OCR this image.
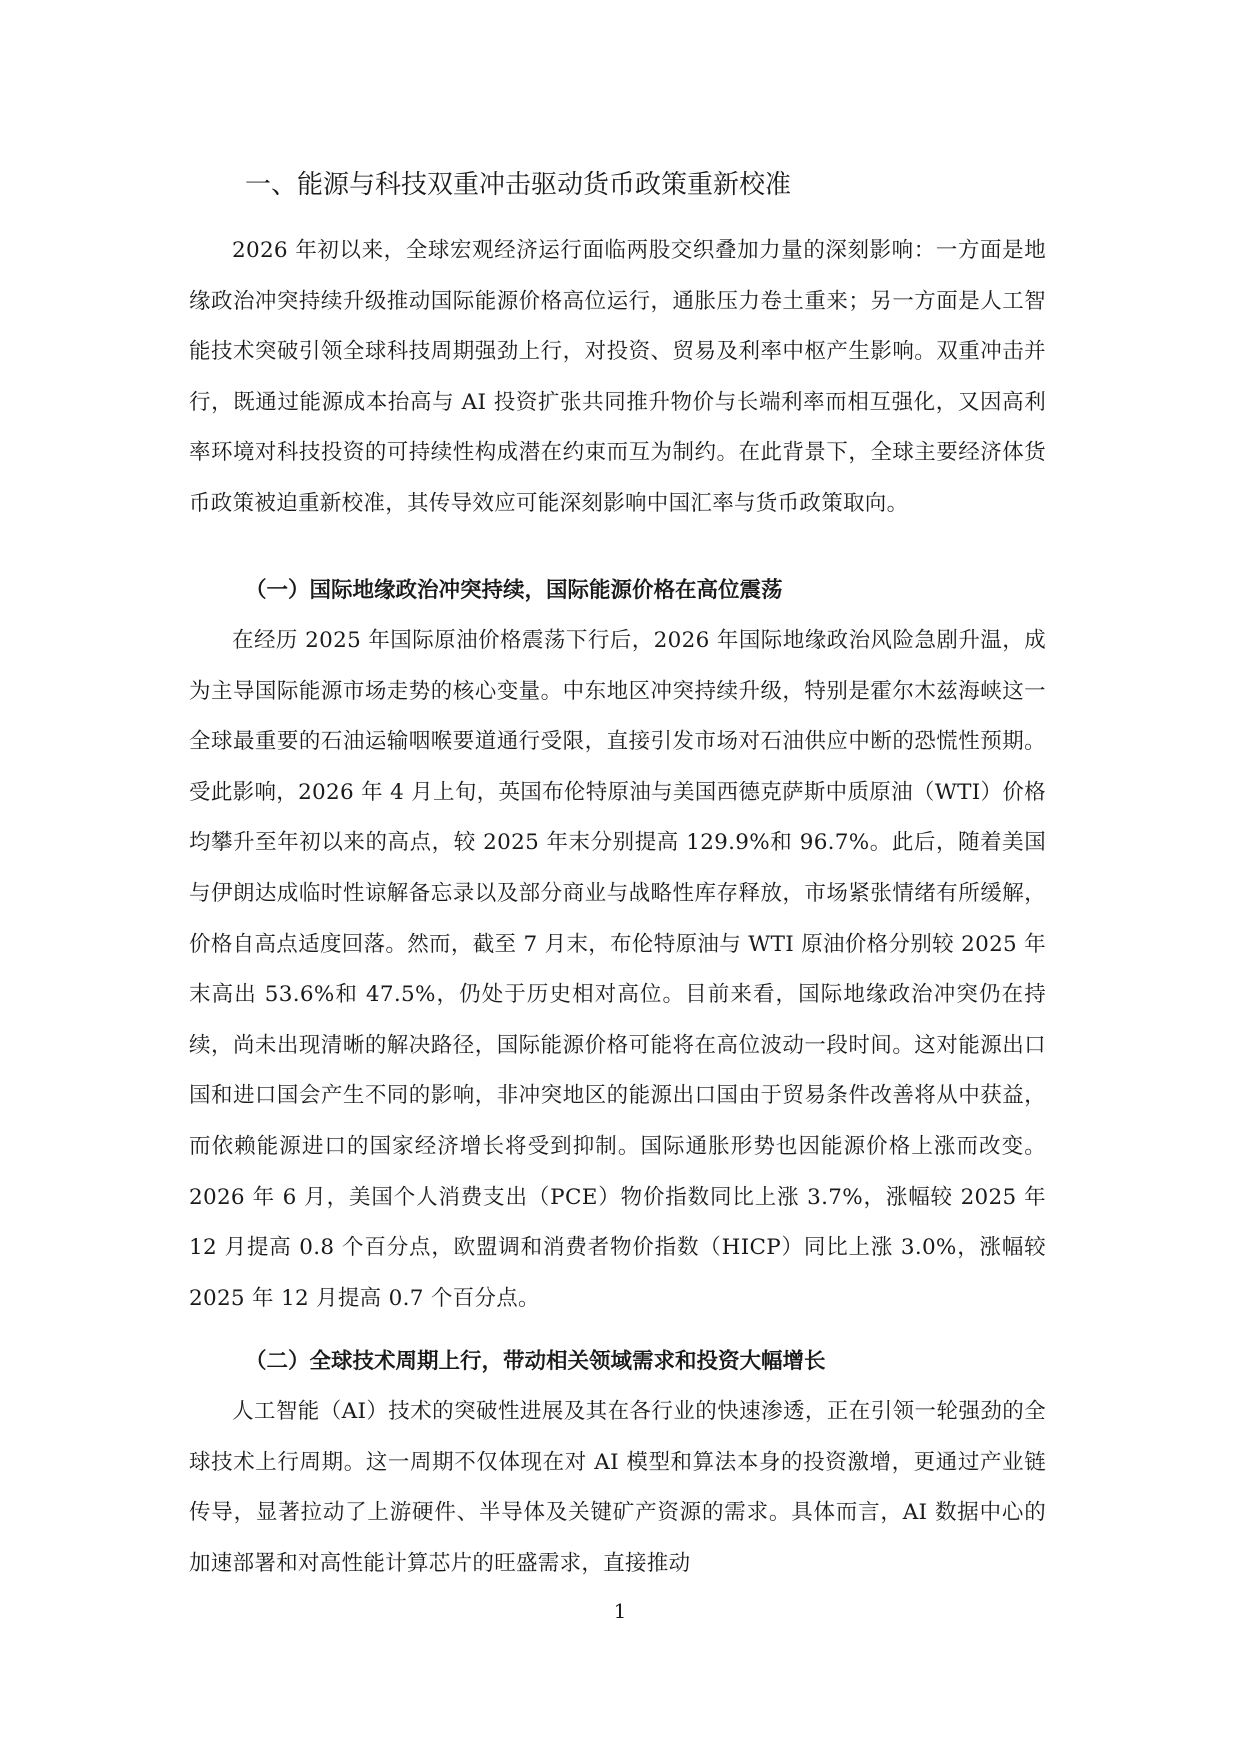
一、能源与科技双重冲击驱动货币政策重新校准

2026 年初以来，全球宏观经济运行面临两股交织叠加力量的深刻影响：一方面是地缘政治冲突持续升级推动国际能源价格高位运行，通胀压力卷土重来；另一方面是人工智能技术突破引领全球科技周期强劲上行，对投资、贸易及利率中枢产生影响。双重冲击并行，既通过能源成本抬高与 AI 投资扩张共同推升物价与长端利率而相互强化，又因高利率环境对科技投资的可持续性构成潜在约束而互为制约。在此背景下，全球主要经济体货币政策被迫重新校准，其传导效应可能深刻影响中国汇率与货币政策取向。

（一）国际地缘政治冲突持续，国际能源价格在高位震荡

在经历 2025 年国际原油价格震荡下行后，2026 年国际地缘政治风险急剧升温，成为主导国际能源市场走势的核心变量。中东地区冲突持续升级，特别是霍尔木兹海峡这一全球最重要的石油运输咽喉要道通行受限，直接引发市场对石油供应中断的恐慌性预期。受此影响，2026 年 4 月上旬，英国布伦特原油与美国西德克萨斯中质原油（WTI）价格均攀升至年初以来的高点，较 2025 年末分别提高 129.9%和 96.7%。此后，随着美国与伊朗达成临时性谅解备忘录以及部分商业与战略性库存释放，市场紧张情绪有所缓解，价格自高点适度回落。然而，截至 7 月末，布伦特原油与 WTI 原油价格分别较 2025 年末高出 53.6%和 47.5%，仍处于历史相对高位。目前来看，国际地缘政治冲突仍在持续，尚未出现清晰的解决路径，国际能源价格可能将在高位波动一段时间。这对能源出口国和进口国会产生不同的影响，非冲突地区的能源出口国由于贸易条件改善将从中获益，而依赖能源进口的国家经济增长将受到抑制。国际通胀形势也因能源价格上涨而改变。2026 年 6 月，美国个人消费支出（PCE）物价指数同比上涨 3.7%，涨幅较 2025 年 12 月提高 0.8 个百分点，欧盟调和消费者物价指数（HICP）同比上涨 3.0%，涨幅较 2025 年 12 月提高 0.7 个百分点。

（二）全球技术周期上行，带动相关领域需求和投资大幅增长

人工智能（AI）技术的突破性进展及其在各行业的快速渗透，正在引领一轮强劲的全球技术上行周期。这一周期不仅体现在对 AI 模型和算法本身的投资激增，更通过产业链传导，显著拉动了上游硬件、半导体及关键矿产资源的需求。具体而言，AI 数据中心的加速部署和对高性能计算芯片的旺盛需求，直接推动

1
